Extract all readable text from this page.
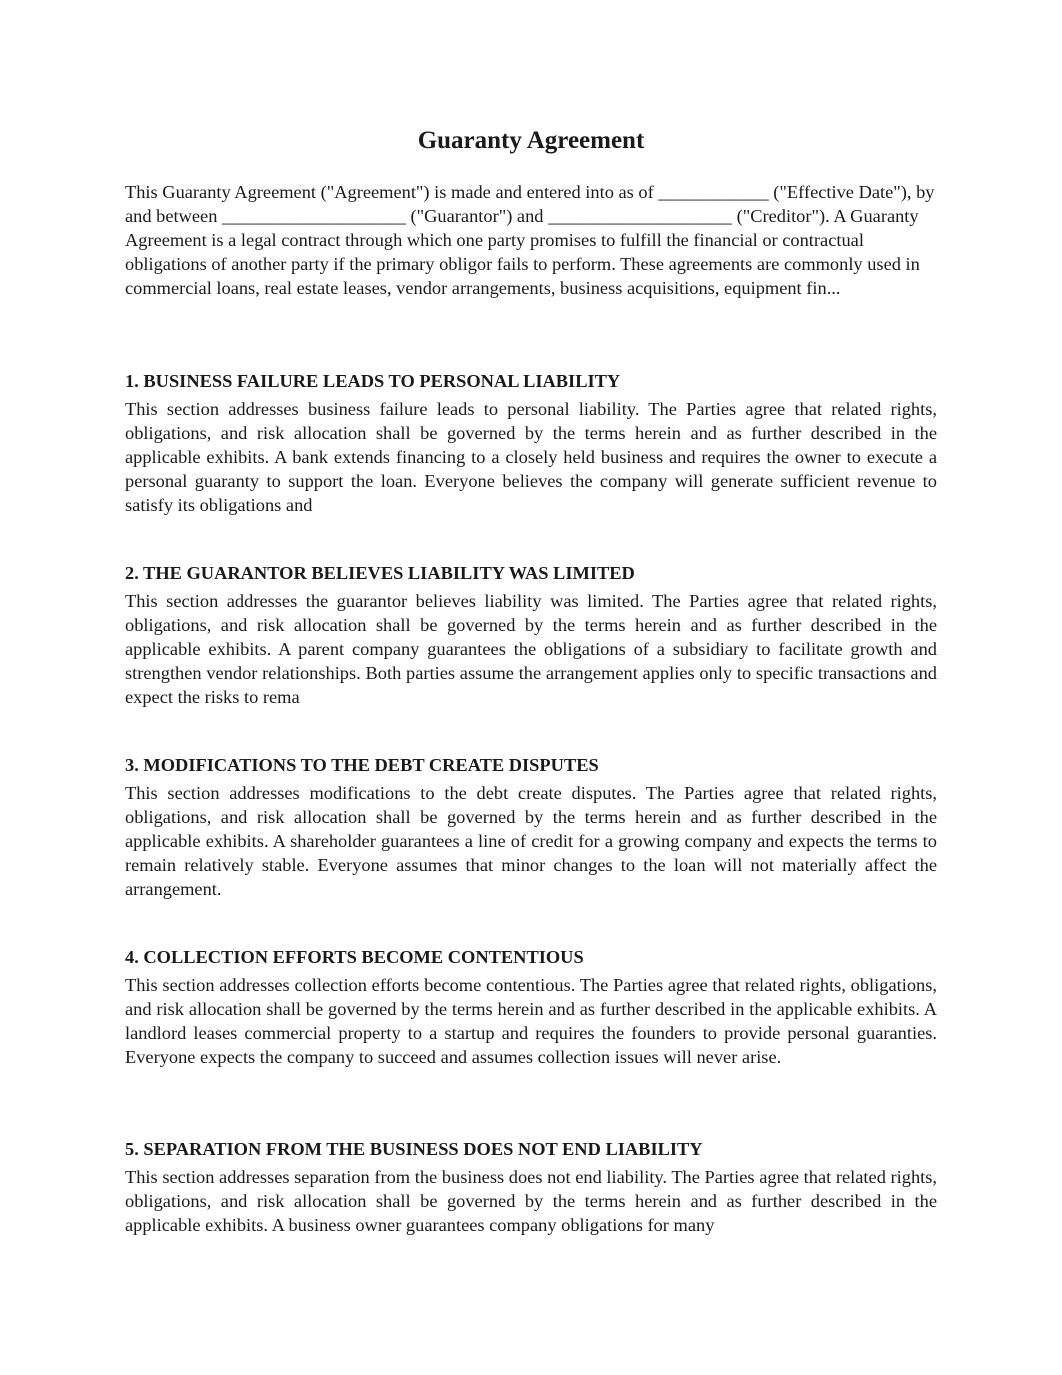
Guaranty Agreement

This Guaranty Agreement ("Agreement") is made and entered into as of ____________ ("Effective Date"), by and between ____________________ ("Guarantor") and ____________________ ("Creditor"). A Guaranty Agreement is a legal contract through which one party promises to fulfill the financial or contractual obligations of another party if the primary obligor fails to perform. These agreements are commonly used in commercial loans, real estate leases, vendor arrangements, business acquisitions, equipment fin...

1. BUSINESS FAILURE LEADS TO PERSONAL LIABILITY

This section addresses business failure leads to personal liability. The Parties agree that related rights, obligations, and risk allocation shall be governed by the terms herein and as further described in the applicable exhibits. A bank extends financing to a closely held business and requires the owner to execute a personal guaranty to support the loan. Everyone believes the company will generate sufficient revenue to satisfy its obligations and

2. THE GUARANTOR BELIEVES LIABILITY WAS LIMITED

This section addresses the guarantor believes liability was limited. The Parties agree that related rights, obligations, and risk allocation shall be governed by the terms herein and as further described in the applicable exhibits. A parent company guarantees the obligations of a subsidiary to facilitate growth and strengthen vendor relationships. Both parties assume the arrangement applies only to specific transactions and expect the risks to rema

3. MODIFICATIONS TO THE DEBT CREATE DISPUTES

This section addresses modifications to the debt create disputes. The Parties agree that related rights, obligations, and risk allocation shall be governed by the terms herein and as further described in the applicable exhibits. A shareholder guarantees a line of credit for a growing company and expects the terms to remain relatively stable. Everyone assumes that minor changes to the loan will not materially affect the arrangement.

4. COLLECTION EFFORTS BECOME CONTENTIOUS

This section addresses collection efforts become contentious. The Parties agree that related rights, obligations, and risk allocation shall be governed by the terms herein and as further described in the applicable exhibits. A landlord leases commercial property to a startup and requires the founders to provide personal guaranties. Everyone expects the company to succeed and assumes collection issues will never arise.

5. SEPARATION FROM THE BUSINESS DOES NOT END LIABILITY

This section addresses separation from the business does not end liability. The Parties agree that related rights, obligations, and risk allocation shall be governed by the terms herein and as further described in the applicable exhibits. A business owner guarantees company obligations for many
